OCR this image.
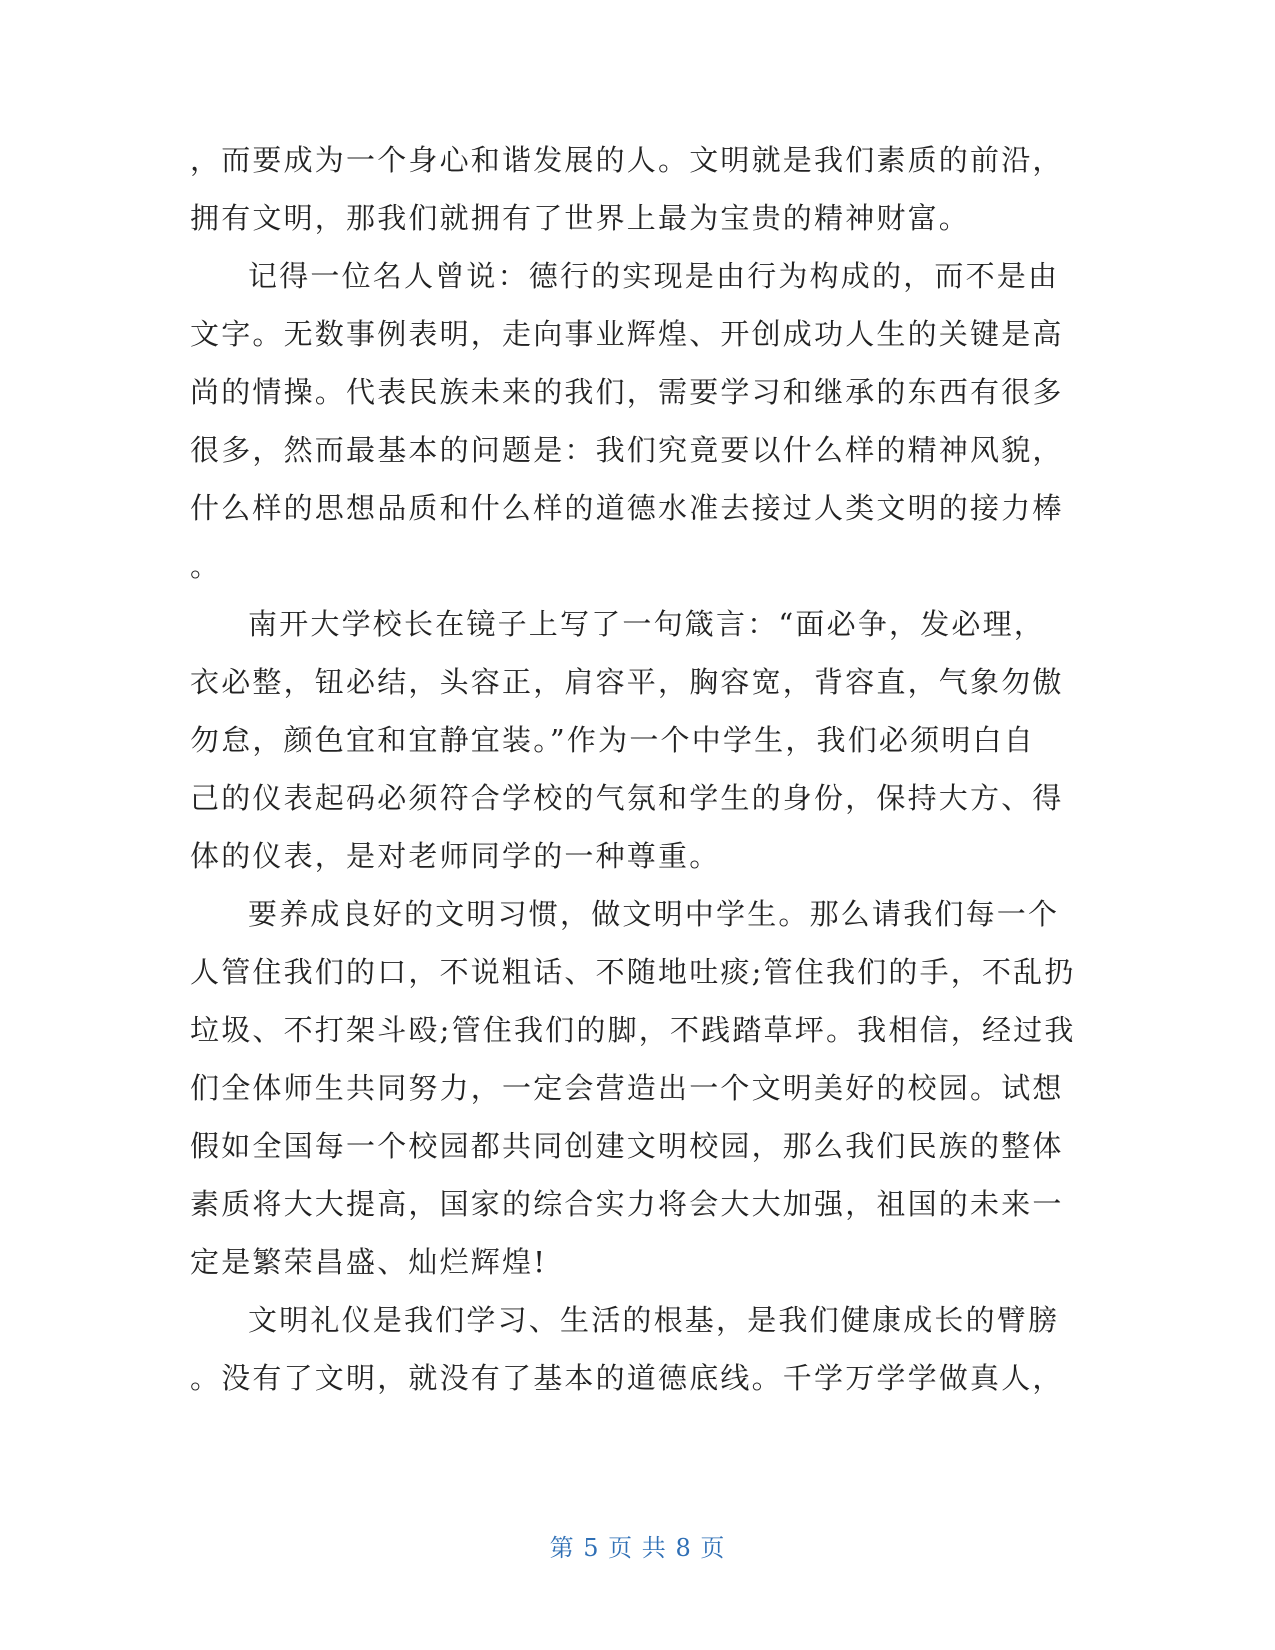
，而要成为一个身心和谐发展的人。文明就是我们素质的前沿，
拥有文明，那我们就拥有了世界上最为宝贵的精神财富。
记得一位名人曾说：德行的实现是由行为构成的，而不是由
文字。无数事例表明，走向事业辉煌、开创成功人生的关键是高
尚的情操。代表民族未来的我们，需要学习和继承的东西有很多
很多，然而最基本的问题是：我们究竟要以什么样的精神风貌，
什么样的思想品质和什么样的道德水准去接过人类文明的接力棒
。
南开大学校长在镜子上写了一句箴言：“面必争，发必理，
衣必整，钮必结，头容正，肩容平，胸容宽，背容直，气象勿傲
勿怠，颜色宜和宜静宜装。”作为一个中学生，我们必须明白自
己的仪表起码必须符合学校的气氛和学生的身份，保持大方、得
体的仪表，是对老师同学的一种尊重。
要养成良好的文明习惯，做文明中学生。那么请我们每一个
人管住我们的口，不说粗话、不随地吐痰;管住我们的手，不乱扔
垃圾、不打架斗殴;管住我们的脚，不践踏草坪。我相信，经过我
们全体师生共同努力，一定会营造出一个文明美好的校园。试想
假如全国每一个校园都共同创建文明校园，那么我们民族的整体
素质将大大提高，国家的综合实力将会大大加强，祖国的未来一
定是繁荣昌盛、灿烂辉煌!
文明礼仪是我们学习、生活的根基，是我们健康成长的臂膀
。没有了文明，就没有了基本的道德底线。千学万学学做真人，
第 5 页 共 8 页
